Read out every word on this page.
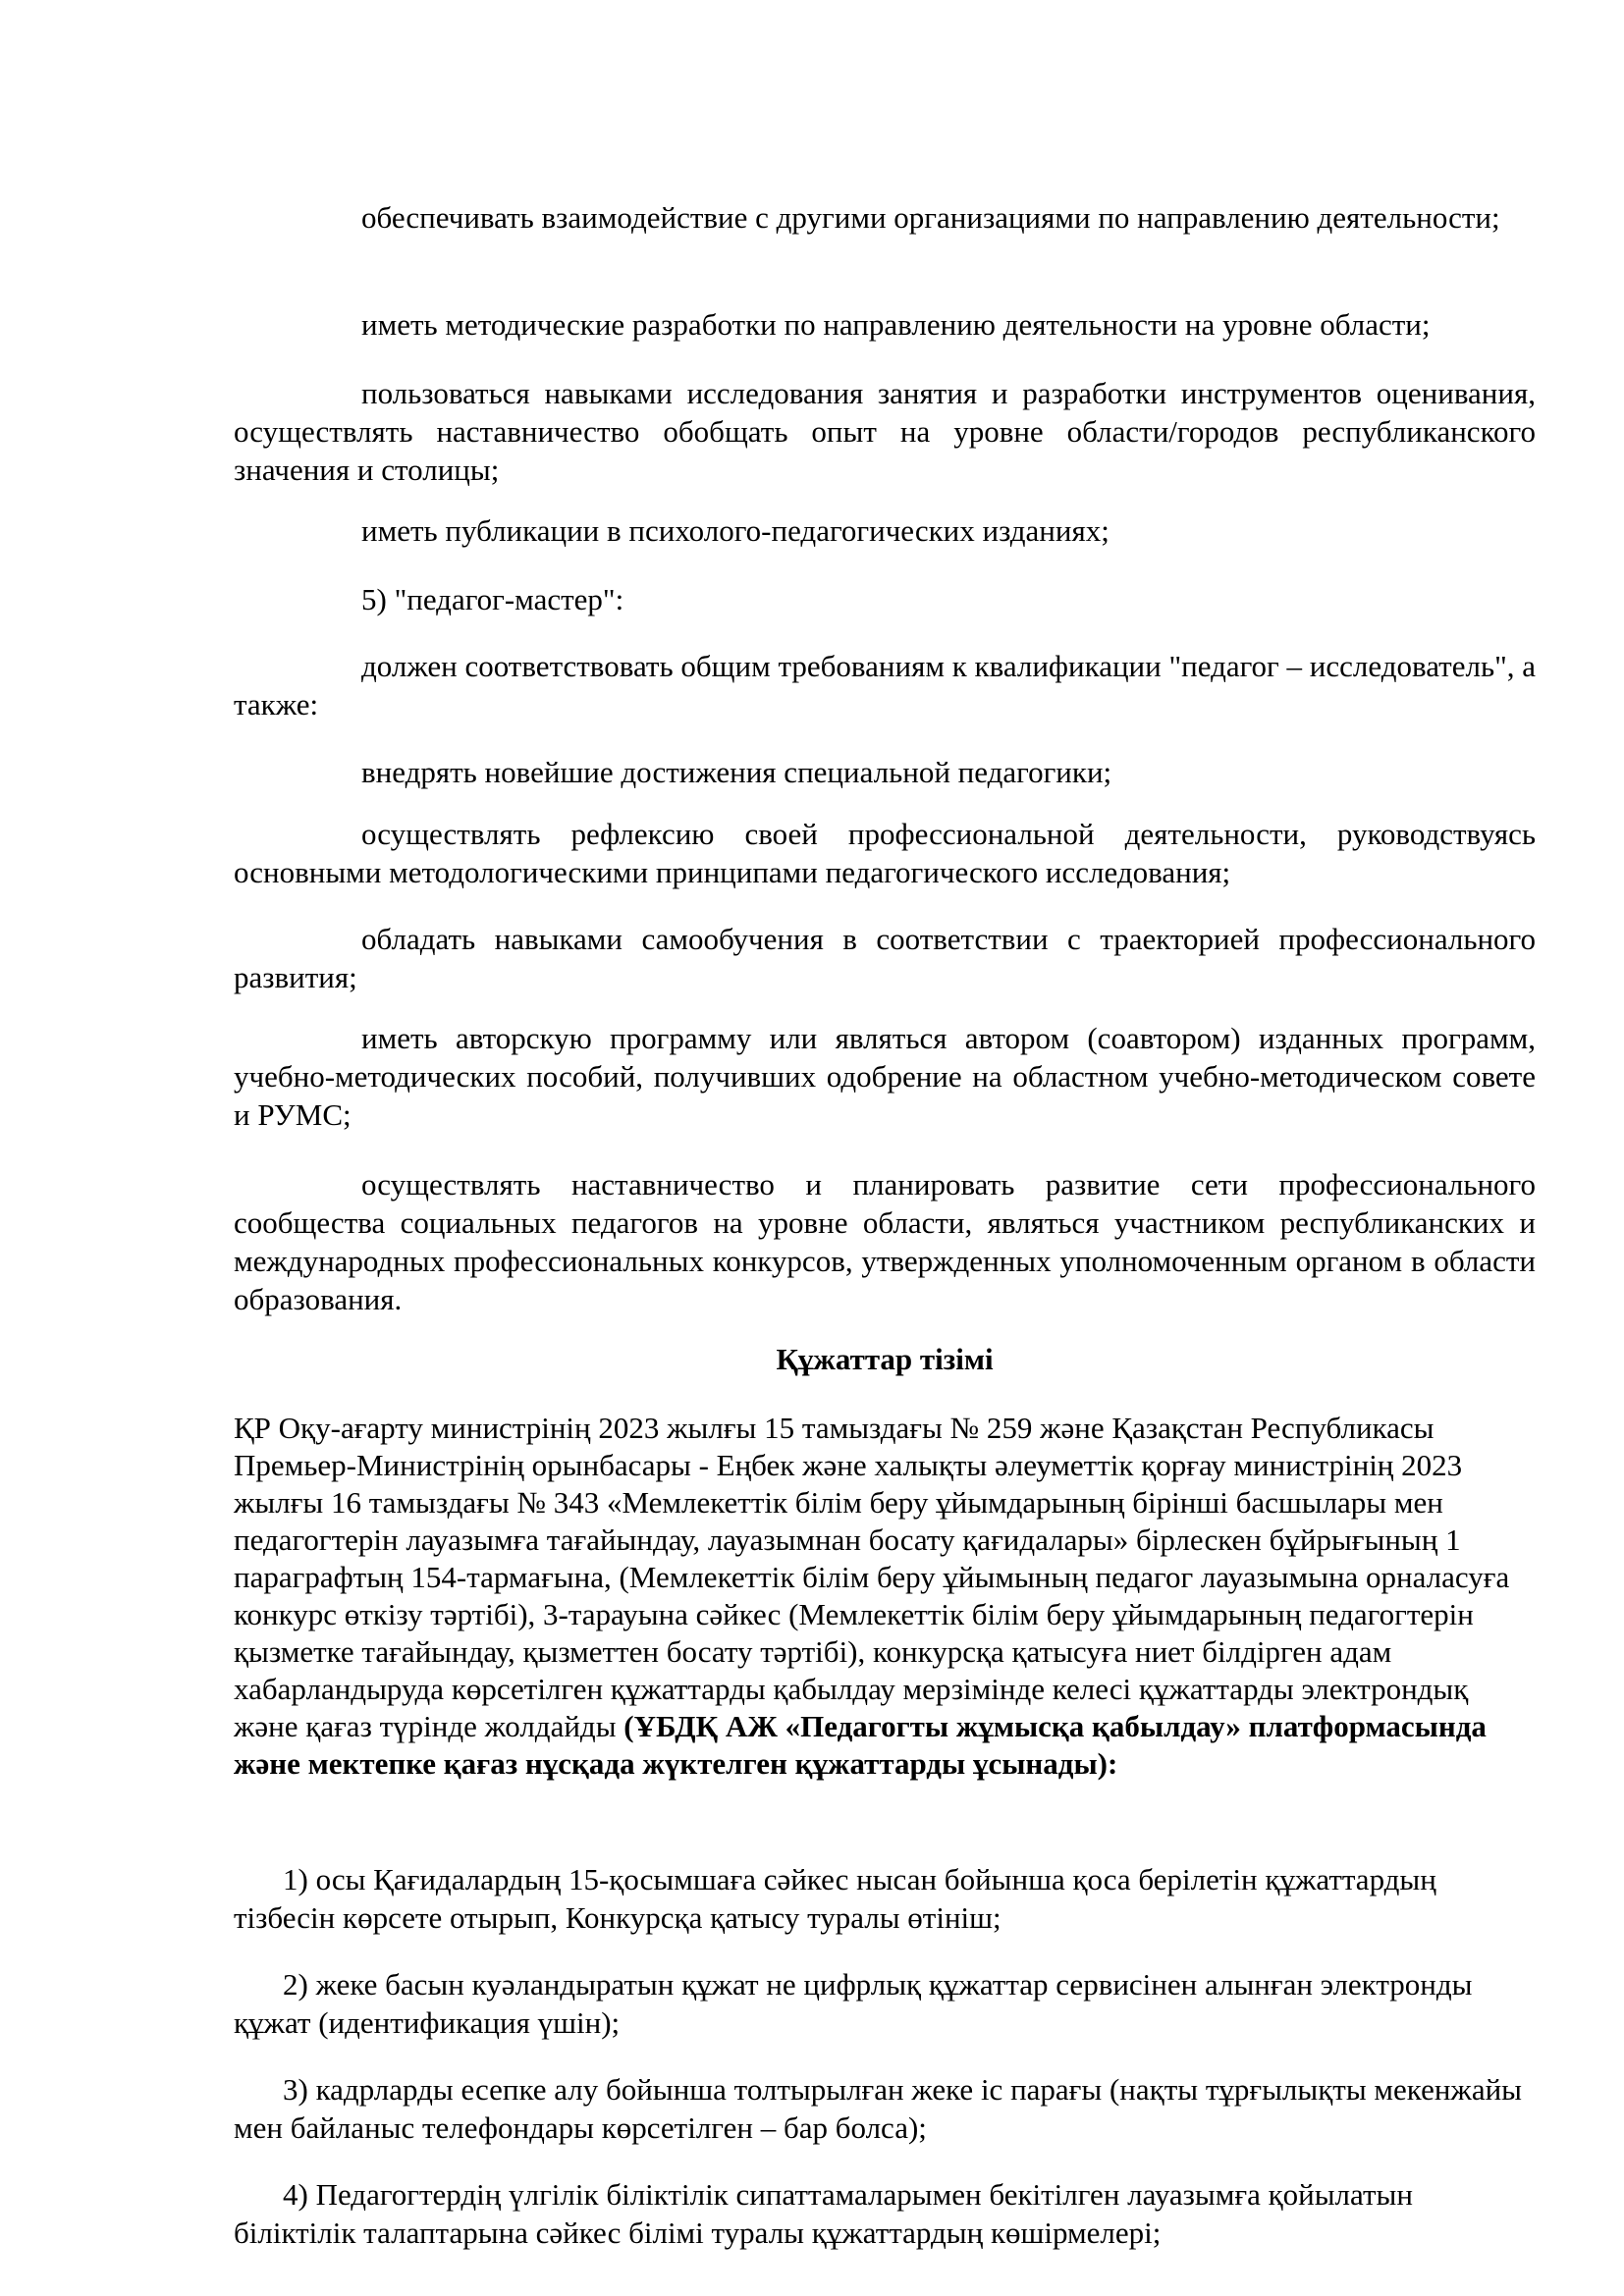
обеспечивать взаимодействие с другими организациями по направлению деятельности;

иметь методические разработки по направлению деятельности на уровне области;

пользоваться навыками исследования занятия и разработки инструментов оценивания, осуществлять наставничество обобщать опыт на уровне области/городов республиканского значения и столицы;

иметь публикации в психолого-педагогических изданиях;

5) "педагог-мастер":

должен соответствовать общим требованиям к квалификации "педагог – исследователь", а также:

внедрять новейшие достижения специальной педагогики;

осуществлять рефлексию своей профессиональной деятельности, руководствуясь основными методологическими принципами педагогического исследования;

обладать навыками самообучения в соответствии с траекторией профессионального развития;

иметь авторскую программу или являться автором (соавтором) изданных программ, учебно-методических пособий, получивших одобрение на областном учебно-методическом совете и РУМС;

осуществлять наставничество и планировать развитие сети профессионального сообщества социальных педагогов на уровне области, являться участником республиканских и международных профессиональных конкурсов, утвержденных уполномоченным органом в области образования.

Құжаттар тізімі

ҚР Оқу-ағарту министрінің 2023 жылғы 15 тамыздағы № 259 және Қазақстан Республикасы Премьер-Министрінің орынбасары - Еңбек және халықты әлеуметтік қорғау министрінің 2023 жылғы 16 тамыздағы № 343 «Мемлекеттік білім беру ұйымдарының бірінші басшылары мен педагогтерін лауазымға тағайындау, лауазымнан босату қағидалары» бірлескен бұйрығының 1 параграфтың 154-тармағына, (Мемлекеттік білім беру ұйымының педагог лауазымына орналасуға конкурс өткізу тәртібі), 3-тарауына сәйкес (Мемлекеттік білім беру ұйымдарының педагогтерін қызметке тағайындау, қызметтен босату тәртібі), конкурсқа қатысуға ниет білдірген адам хабарландыруда көрсетілген құжаттарды қабылдау мерзімінде келесі құжаттарды электрондық және қағаз түрінде жолдайды (ҰБДҚ АЖ «Педагогты жұмысқа қабылдау» платформасында және мектепке қағаз нұсқада жүктелген құжаттарды ұсынады):

1) осы Қағидалардың 15-қосымшаға сәйкес нысан бойынша қоса берілетін құжаттардың тізбесін көрсете отырып, Конкурсқа қатысу туралы өтініш;

2) жеке басын куәландыратын құжат не цифрлық құжаттар сервисінен алынған электронды құжат (идентификация үшін);

3) кадрларды есепке алу бойынша толтырылған жеке іс парағы (нақты тұрғылықты мекенжайы мен байланыс телефондары көрсетілген – бар болса);

4) Педагогтердің үлгілік біліктілік сипаттамаларымен бекітілген лауазымға қойылатын біліктілік талаптарына сәйкес білімі туралы құжаттардың көшірмелері;
